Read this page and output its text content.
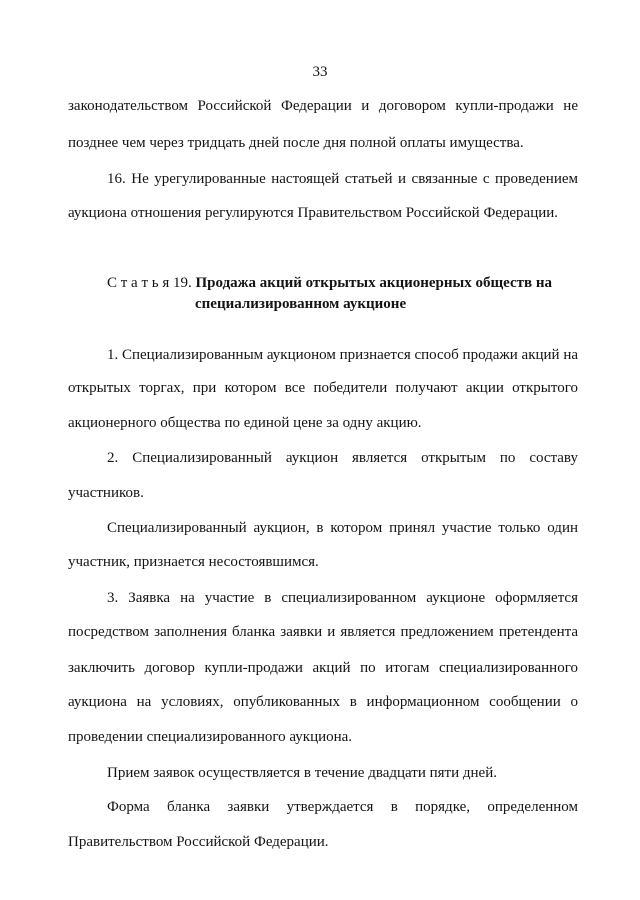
33
законодательством Российской Федерации и договором купли-продажи не
позднее чем через тридцать дней после дня полной оплаты имущества.
16. Не урегулированные настоящей статьей и связанные с проведением
аукциона отношения регулируются Правительством Российской Федерации.
С т а т ь я 19. Продажа акций открытых акционерных обществ на
специализированном аукционе
1. Специализированным аукционом признается способ продажи акций на
открытых торгах, при котором все победители получают акции открытого
акционерного общества по единой цене за одну акцию.
2. Специализированный аукцион является открытым по составу
участников.
Специализированный аукцион, в котором принял участие только один
участник, признается несостоявшимся.
3. Заявка на участие в специализированном аукционе оформляется
посредством заполнения бланка заявки и является предложением претендента
заключить договор купли-продажи акций по итогам специализированного
аукциона на условиях, опубликованных в информационном сообщении о
проведении специализированного аукциона.
Прием заявок осуществляется в течение двадцати пяти дней.
Форма бланка заявки утверждается в порядке, определенном
Правительством Российской Федерации.
